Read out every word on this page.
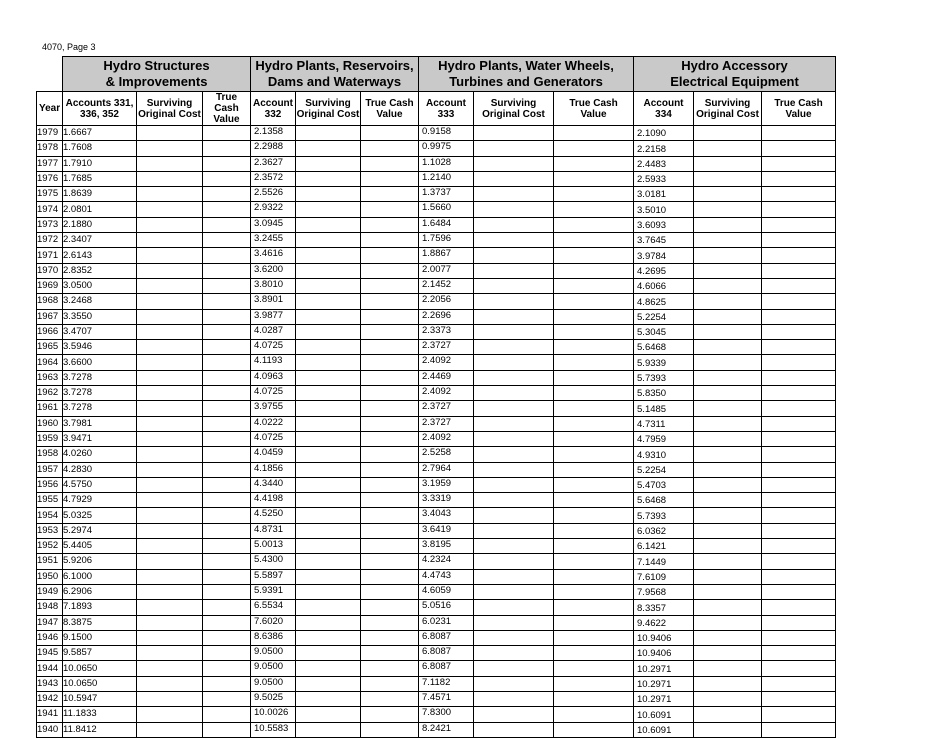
4070, Page 3

	Hydro Structures
& Improvements			Hydro Plants, Reservoirs,
Dams and Waterways			Hydro Plants, Water Wheels,
Turbines and Generators			Hydro Accessory
Electrical Equipment		

Year	Accounts 331,
336, 352	Surviving
Original Cost	True Cash
Value	Account
332	Surviving
Original Cost	True Cash
Value	Account
333	Surviving
Original Cost	True Cash
Value	Account
334	Surviving
Original Cost	True Cash
Value
1979	1.6667			2.1358			0.9158			2.1090		
1978	1.7608			2.2988			0.9975			2.2158		
1977	1.7910			2.3627			1.1028			2.4483		
1976	1.7685			2.3572			1.2140			2.5933		
1975	1.8639			2.5526			1.3737			3.0181		
1974	2.0801			2.9322			1.5660			3.5010		
1973	2.1880			3.0945			1.6484			3.6093		
1972	2.3407			3.2455			1.7596			3.7645		
1971	2.6143			3.4616			1.8867			3.9784		
1970	2.8352			3.6200			2.0077			4.2695		
1969	3.0500			3.8010			2.1452			4.6066		
1968	3.2468			3.8901			2.2056			4.8625		
1967	3.3550			3.9877			2.2696			5.2254		
1966	3.4707			4.0287			2.3373			5.3045		
1965	3.5946			4.0725			2.3727			5.6468		
1964	3.6600			4.1193			2.4092			5.9339		
1963	3.7278			4.0963			2.4469			5.7393		
1962	3.7278			4.0725			2.4092			5.8350		
1961	3.7278			3.9755			2.3727			5.1485		
1960	3.7981			4.0222			2.3727			4.7311		
1959	3.9471			4.0725			2.4092			4.7959		
1958	4.0260			4.0459			2.5258			4.9310		
1957	4.2830			4.1856			2.7964			5.2254		
1956	4.5750			4.3440			3.1959			5.4703		
1955	4.7929			4.4198			3.3319			5.6468		
1954	5.0325			4.5250			3.4043			5.7393		
1953	5.2974			4.8731			3.6419			6.0362		
1952	5.4405			5.0013			3.8195			6.1421		
1951	5.9206			5.4300			4.2324			7.1449		
1950	6.1000			5.5897			4.4743			7.6109		
1949	6.2906			5.9391			4.6059			7.9568		
1948	7.1893			6.5534			5.0516			8.3357		
1947	8.3875			7.6020			6.0231			9.4622		
1946	9.1500			8.6386			6.8087			10.9406		
1945	9.5857			9.0500			6.8087			10.9406		
1944	10.0650			9.0500			6.8087			10.2971		
1943	10.0650			9.0500			7.1182			10.2971		
1942	10.5947			9.5025			7.4571			10.2971		
1941	11.1833			10.0026			7.8300			10.6091		
1940	11.8412			10.5583			8.2421			10.6091		
